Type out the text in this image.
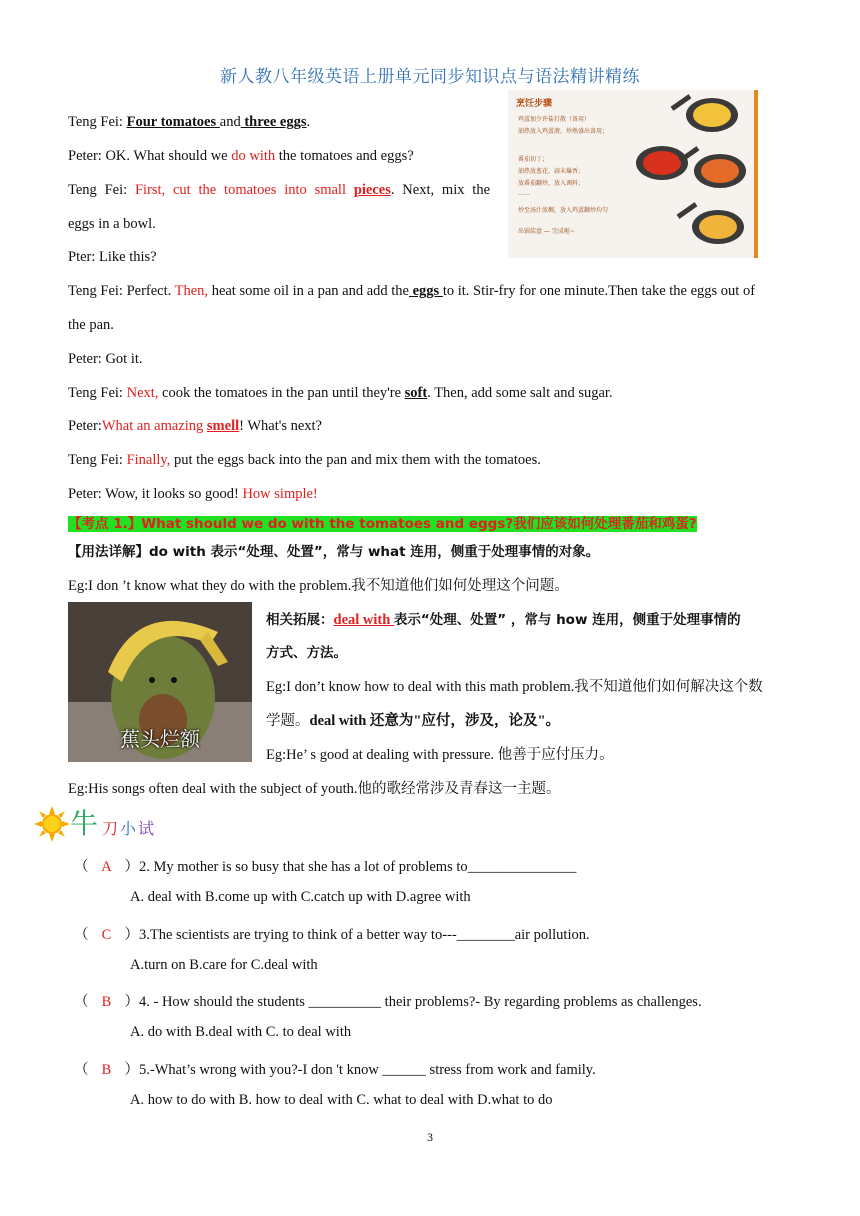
新人教八年级英语上册单元同步知识点与语法精讲精练
烹饪步骤
鸡蛋加少许盐打散（备用）
油热放入鸡蛋液，炒熟盛出备用；
番茄切丁；
油热放葱花、蒜末爆香；
放番茄翻炒，放入调料；
……
炒至汤汁浓稠，放入鸡蛋翻炒均匀
出锅装盘 — 完成啦~
Teng Fei: Four tomatoes and three eggs.
Peter: OK. What should we do with the tomatoes and eggs?
Teng Fei: First, cut the tomatoes into small pieces. Next, mix the
eggs in a bowl.
Pter: Like this?
Teng Fei: Perfect. Then, heat some oil in a pan and add the eggs to it. Stir-fry for one minute.Then take the eggs out of
the pan.
Peter: Got it.
Teng Fei: Next, cook the tomatoes in the pan until they're soft. Then, add some salt and sugar.
Peter:What an amazing smell! What's next?
Teng Fei: Finally, put the eggs back into the pan and mix them with the tomatoes.
Peter: Wow, it looks so good! How simple!
【考点 1.】What should we do with the tomatoes and eggs?我们应该如何处理番茄和鸡蛋?
【用法详解】do with 表示“处理、处置”，常与 what 连用，侧重于处理事情的对象。
Eg:I don ’t know what they do with the problem.我不知道他们如何处理这个问题。
蕉头烂额
相关拓展：deal with 表示“处理、处置” ，常与 how 连用，侧重于处理事情的
方式、方法。
Eg:I don’t know how to deal with this math problem.我不知道他们如何解决这个数
学题。deal with 还意为"应付，涉及，论及"。
Eg:He’ s good at dealing with pressure. 他善于应付压力。
Eg:His songs often deal with the subject of youth.他的歌经常涉及青春这一主题。
牛 刀 小 试
（ A ）2. My mother is so busy that she has a lot of problems to_______________
A. deal with B.come up with C.catch up with D.agree with
（ C ）3.The scientists are trying to think of a better way to---________air pollution.
A.turn on B.care for C.deal with
（ B ）4. - How should the students __________ their problems?- By regarding problems as challenges.
A. do with B.deal with C. to deal with
（ B ）5.-What’s wrong with you?-I don 't know ______ stress from work and family.
A. how to do with B. how to deal with C. what to deal with D.what to do
3
